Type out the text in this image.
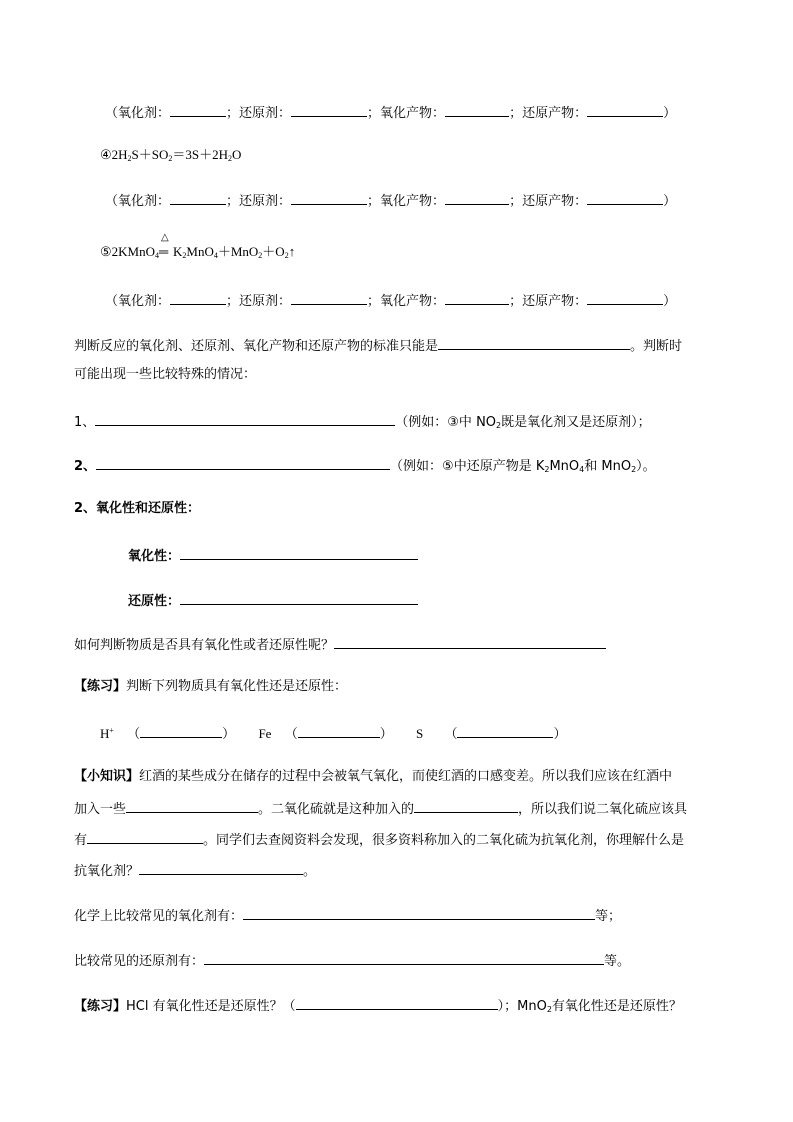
（氧化剂：	；还原剂：	；氧化产物：	；还原产物：	）
$④2H_2S+SO_2=3S+2H_2O$
（氧化剂：	；还原剂：	；氧化产物：	；还原产物：	）
⑤2KMnO$_4$
△
═ $K_2MnO_4+MnO_2+O_2↑$
（氧化剂：	；还原剂：	；氧化产物：	；还原产物：	）
判断反应的氧化剂、还原剂、氧化产物和还原产物的标准只能是	。判断时
可能出现一些比较特殊的情况：
1、	（例如：③中 $NO_2$既是氧化剂又是还原剂）；
2、	（例如：⑤中还原产物是 $K_2MnO_4$和 MnO$_2$）。
2、氧化性和还原性：
氧化性：
还原性：
如何判断物质是否具有氧化性或者还原性呢？
【练习】判断下列物质具有氧化性还是还原性：
H+ （	） Fe （	） S （	）
【小知识】红酒的某些成分在储存的过程中会被氧气氧化，而使红酒的口感变差。所以我们应该在红酒中
加入一些	。二氧化硫就是这种加入的	，所以我们说二氧化硫应该具
有	。同学们去查阅资料会发现，很多资料称加入的二氧化硫为抗氧化剂，你理解什么是
抗氧化剂？	。
化学上比较常见的氧化剂有：	等；
比较常见的还原剂有：	等。
【练习】HCl 有氧化性还是还原性？（	）；MnO$_2$有氧化性还是还原性？
